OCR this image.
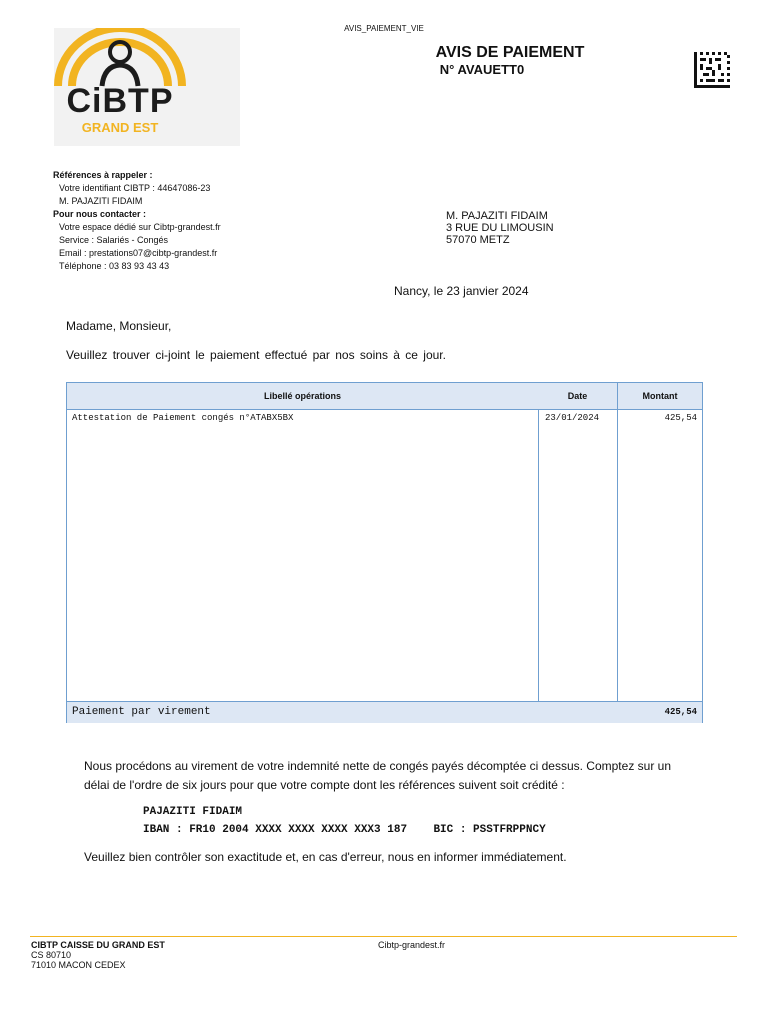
AVIS_PAIEMENT_VIE
CiBTP
GRAND EST
AVIS DE PAIEMENT
N° AVAUETT0
Références à rappeler :
Votre identifiant CIBTP : 44647086-23
M. PAJAZITI FIDAIM
Pour nous contacter :
Votre espace dédié sur Cibtp-grandest.fr
Service : Salariés - Congés
Email : prestations07@cibtp-grandest.fr
Téléphone : 03 83 93 43 43
M. PAJAZITI FIDAIM
3 RUE DU LIMOUSIN
57070 METZ
Nancy, le 23 janvier 2024
Madame, Monsieur,
Veuillez trouver ci-joint le paiement effectué par nos soins à ce jour.
Libellé opérations	Date	Montant
Attestation de Paiement congés n°ATABX5BX	23/01/2024	425,54
Paiement par virement	425,54
Nous procédons au virement de votre indemnité nette de congés payés décomptée ci dessus. Comptez sur un délai de l'ordre de six jours pour que votre compte dont les références suivent soit crédité :
PAJAZITI FIDAIM
IBAN : FR10 2004 XXXX XXXX XXXX XXX3 187    BIC : PSSTFRPPNCY
Veuillez bien contrôler son exactitude et, en cas d'erreur, nous en informer immédiatement.
CIBTP CAISSE DU GRAND EST
CS 80710
71010 MACON CEDEX
Cibtp-grandest.fr
